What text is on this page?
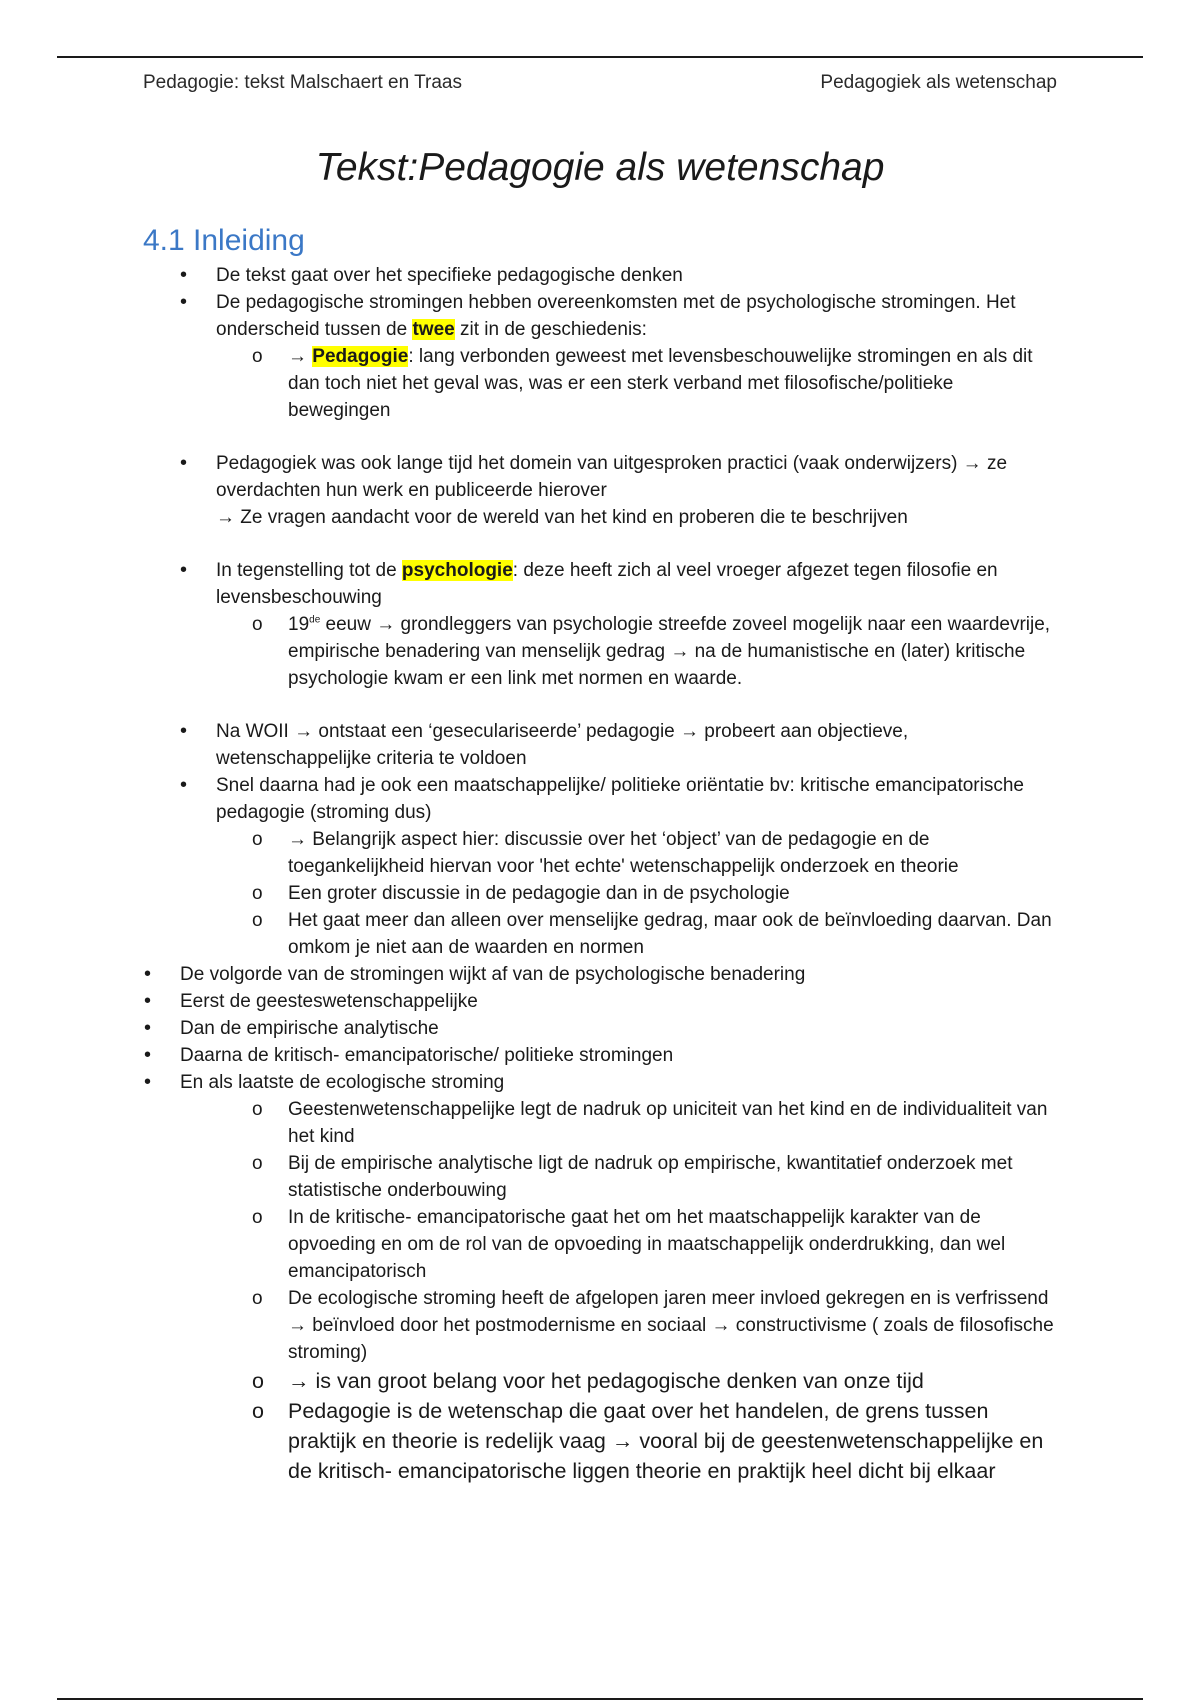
Pedagogie: tekst Malschaert en Traas	Pedagogiek als wetenschap
Tekst:Pedagogie als wetenschap
4.1 Inleiding
• De tekst gaat over het specifieke pedagogische denken
• De pedagogische stromingen hebben overeenkomsten met de psychologische stromingen. Het onderscheid tussen de twee zit in de geschiedenis:
o → Pedagogie: lang verbonden geweest met levensbeschouwelijke stromingen en als dit dan toch niet het geval was, was er een sterk verband met filosofische/politieke bewegingen
• Pedagogiek was ook lange tijd het domein van uitgesproken practici (vaak onderwijzers) → ze overdachten hun werk en publiceerde hierover
→ Ze vragen aandacht voor de wereld van het kind en proberen die te beschrijven
• In tegenstelling tot de psychologie: deze heeft zich al veel vroeger afgezet tegen filosofie en levensbeschouwing
o 19de eeuw → grondleggers van psychologie streefde zoveel mogelijk naar een waardevrije, empirische benadering van menselijk gedrag → na de humanistische en (later) kritische psychologie kwam er een link met normen en waarde.
• Na WOII → ontstaat een ‘geseculariseerde’ pedagogie → probeert aan objectieve, wetenschappelijke criteria te voldoen
• Snel daarna had je ook een maatschappelijke/ politieke oriëntatie bv: kritische emancipatorische pedagogie (stroming dus)
o → Belangrijk aspect hier: discussie over het ‘object’ van de pedagogie en de toegankelijkheid hiervan voor 'het echte' wetenschappelijk onderzoek en theorie
o Een groter discussie in de pedagogie dan in de psychologie
o Het gaat meer dan alleen over menselijke gedrag, maar ook de beïnvloeding daarvan. Dan omkom je niet aan de waarden en normen
• De volgorde van de stromingen wijkt af van de psychologische benadering
• Eerst de geesteswetenschappelijke
• Dan de empirische analytische
• Daarna de kritisch- emancipatorische/ politieke stromingen
• En als laatste de ecologische stroming
o Geestenwetenschappelijke legt de nadruk op uniciteit van het kind en de individualiteit van het kind
o Bij de empirische analytische ligt de nadruk op empirische, kwantitatief onderzoek met statistische onderbouwing
o In de kritische- emancipatorische gaat het om het maatschappelijk karakter van de opvoeding en om de rol van de opvoeding in maatschappelijk onderdrukking, dan wel emancipatorisch
o De ecologische stroming heeft de afgelopen jaren meer invloed gekregen en is verfrissend → beïnvloed door het postmodernisme en sociaal → constructivisme ( zoals de filosofische stroming)
o → is van groot belang voor het pedagogische denken van onze tijd
o Pedagogie is de wetenschap die gaat over het handelen, de grens tussen praktijk en theorie is redelijk vaag → vooral bij de geestenwetenschappelijke en de kritisch- emancipatorische liggen theorie en praktijk heel dicht bij elkaar
